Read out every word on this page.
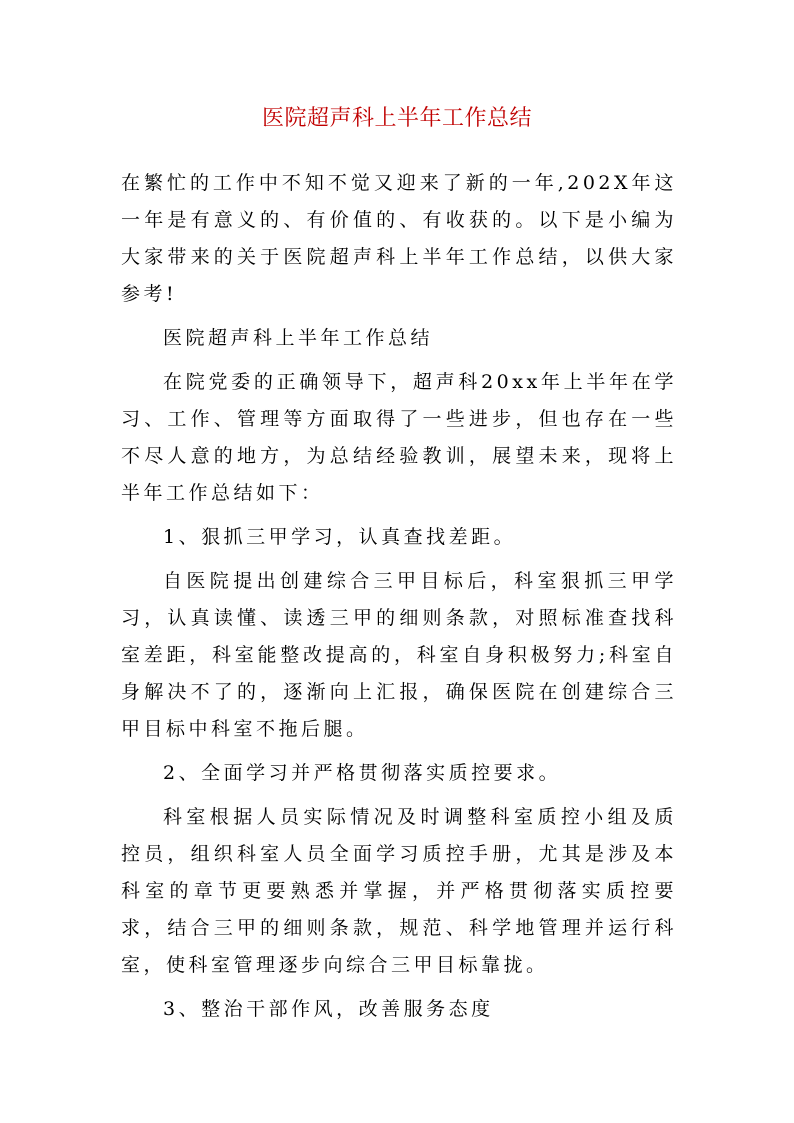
医院超声科上半年工作总结

在繁忙的工作中不知不觉又迎来了新的一年,202X年这一年是有意义的、有价值的、有收获的。以下是小编为大家带来的关于医院超声科上半年工作总结，以供大家参考!

医院超声科上半年工作总结

在院党委的正确领导下，超声科20xx年上半年在学习、工作、管理等方面取得了一些进步，但也存在一些不尽人意的地方，为总结经验教训，展望未来，现将上半年工作总结如下：

1、狠抓三甲学习，认真查找差距。

自医院提出创建综合三甲目标后，科室狠抓三甲学习，认真读懂、读透三甲的细则条款，对照标准查找科室差距，科室能整改提高的，科室自身积极努力;科室自身解决不了的，逐渐向上汇报，确保医院在创建综合三甲目标中科室不拖后腿。

2、全面学习并严格贯彻落实质控要求。

科室根据人员实际情况及时调整科室质控小组及质控员，组织科室人员全面学习质控手册，尤其是涉及本科室的章节更要熟悉并掌握，并严格贯彻落实质控要求，结合三甲的细则条款，规范、科学地管理并运行科室，使科室管理逐步向综合三甲目标靠拢。

3、整治干部作风，改善服务态度
